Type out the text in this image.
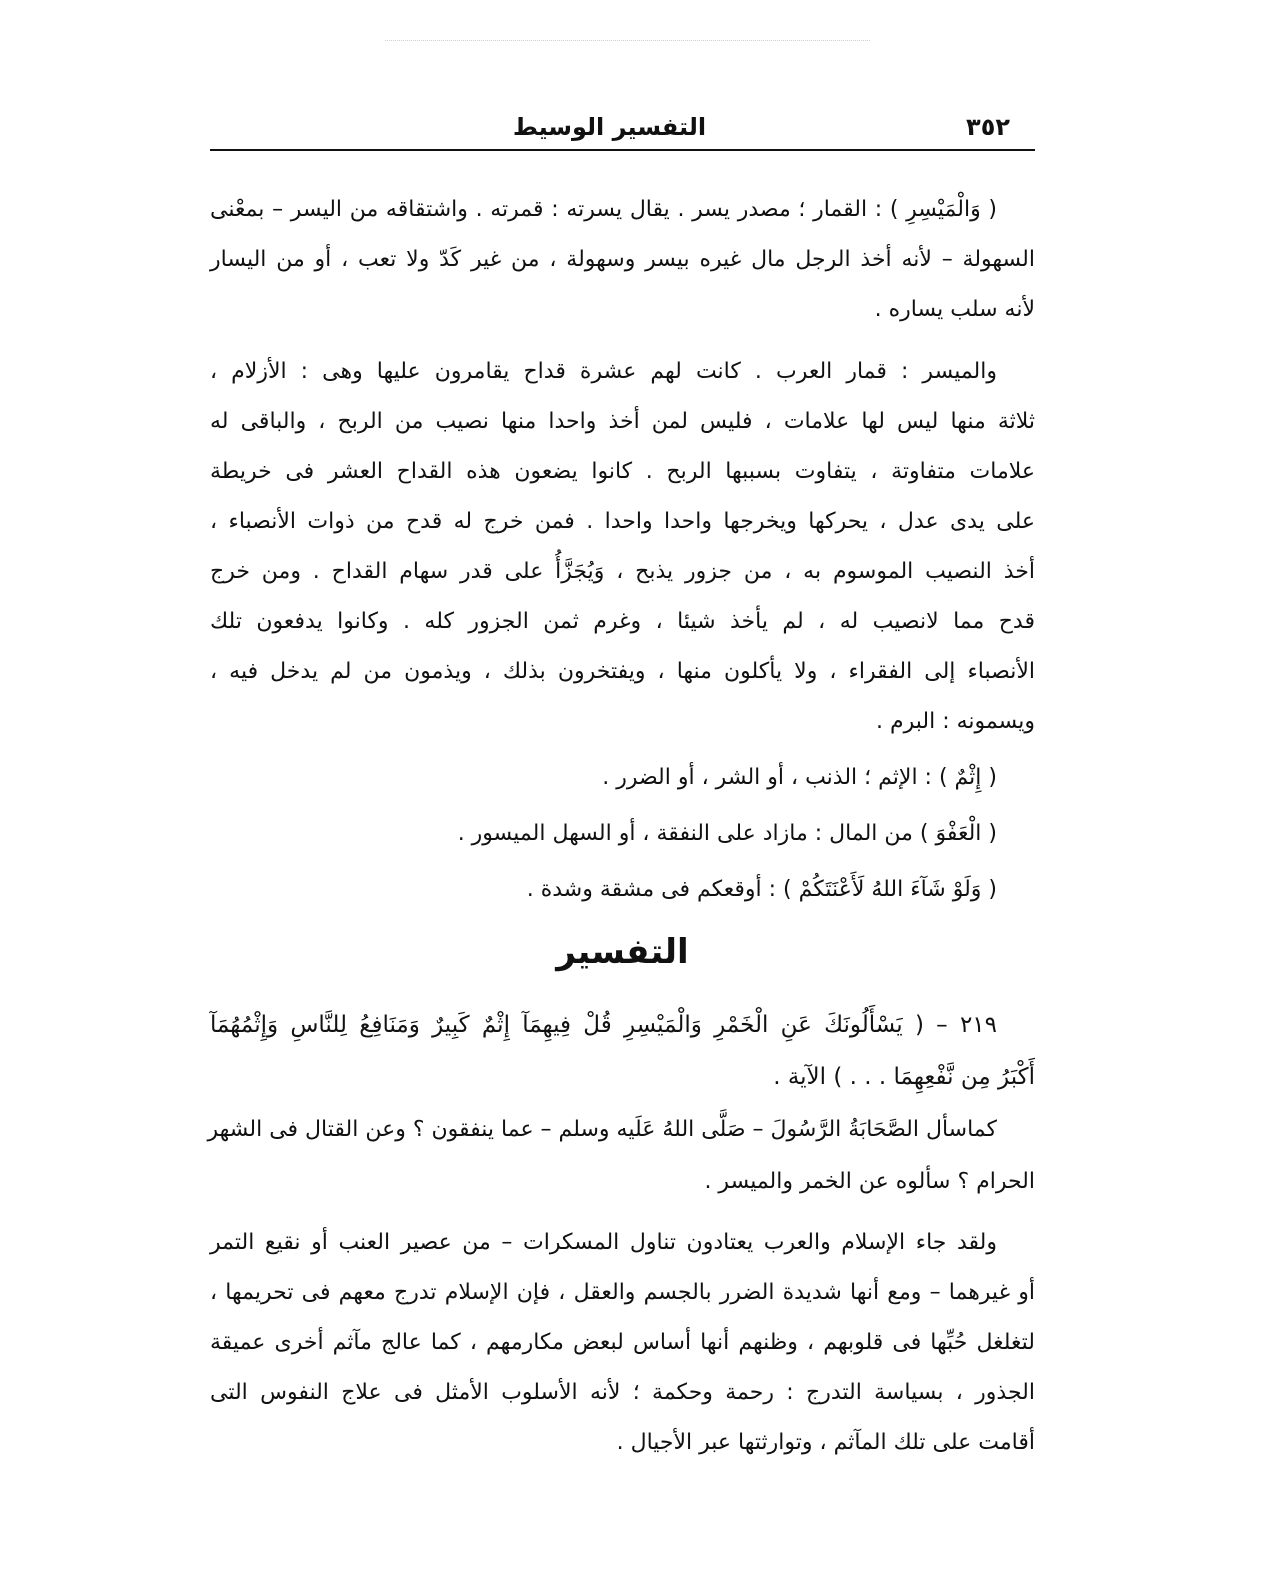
التفسير الوسيط	٣٥٢
( وَالْمَيْسِرِ ) : القمار ؛ مصدر يسر . يقال يسرته : قمرته . واشتقاقه من اليسر – بمعْنى
السهولة – لأنه أخذ الرجل مال غيره بيسر وسهولة ، من غير كَدّ ولا تعب ، أو من اليسار
لأنه سلب يساره .
والميسر : قمار العرب . كانت لهم عشرة قداح يقامرون عليها وهى : الأزلام ،
ثلاثة منها ليس لها علامات ، فليس لمن أخذ واحدا منها نصيب من الربح ، والباقى له
علامات متفاوتة ، يتفاوت بسببها الربح . كانوا يضعون هذه القداح العشر فى خريطة
على يدى عدل ، يحركها ويخرجها واحدا واحدا . فمن خرج له قدح من ذوات الأنصباء ،
أخذ النصيب الموسوم به ، من جزور يذبح ، وَيُجَزَّأُ على قدر سهام القداح . ومن خرج
قدح مما لانصيب له ، لم يأخذ شيئا ، وغرم ثمن الجزور كله . وكانوا يدفعون تلك
الأنصباء إلى الفقراء ، ولا يأكلون منها ، ويفتخرون بذلك ، ويذمون من لم يدخل فيه ،
ويسمونه : البرم .
( إِثْمٌ ) : الإثم ؛ الذنب ، أو الشر ، أو الضرر .
( الْعَفْوَ ) من المال : مازاد على النفقة ، أو السهل الميسور .
( وَلَوْ شَآءَ اللهُ لَأَعْنَتَكُمْ ) : أوقعكم فى مشقة وشدة .
التفسير
٢١٩ – ( يَسْأَلُونَكَ عَنِ الْخَمْرِ وَالْمَيْسِرِ قُلْ فِيهِمَآ إِثْمٌ كَبِيرٌ وَمَنَافِعُ لِلنَّاسِ وَإِثْمُهُمَآ
أَكْبَرُ مِن نَّفْعِهِمَا . . . ) الآية .
كماسأل الصَّحَابَةُ الرَّسُولَ – صَلَّى اللهُ عَلَيه وسلم – عما ينفقون ؟ وعن القتال فى الشهر
الحرام ؟ سألوه عن الخمر والميسر .
ولقد جاء الإسلام والعرب يعتادون تناول المسكرات – من عصير العنب أو نقيع التمر
أو غيرهما – ومع أنها شديدة الضرر بالجسم والعقل ، فإن الإسلام تدرج معهم فى تحريمها ،
لتغلغل حُبِّها فى قلوبهم ، وظنهم أنها أساس لبعض مكارمهم ، كما عالج مآثم أخرى عميقة
الجذور ، بسياسة التدرج : رحمة وحكمة ؛ لأنه الأسلوب الأمثل فى علاج النفوس التى
أقامت على تلك المآثم ، وتوارثتها عبر الأجيال .
